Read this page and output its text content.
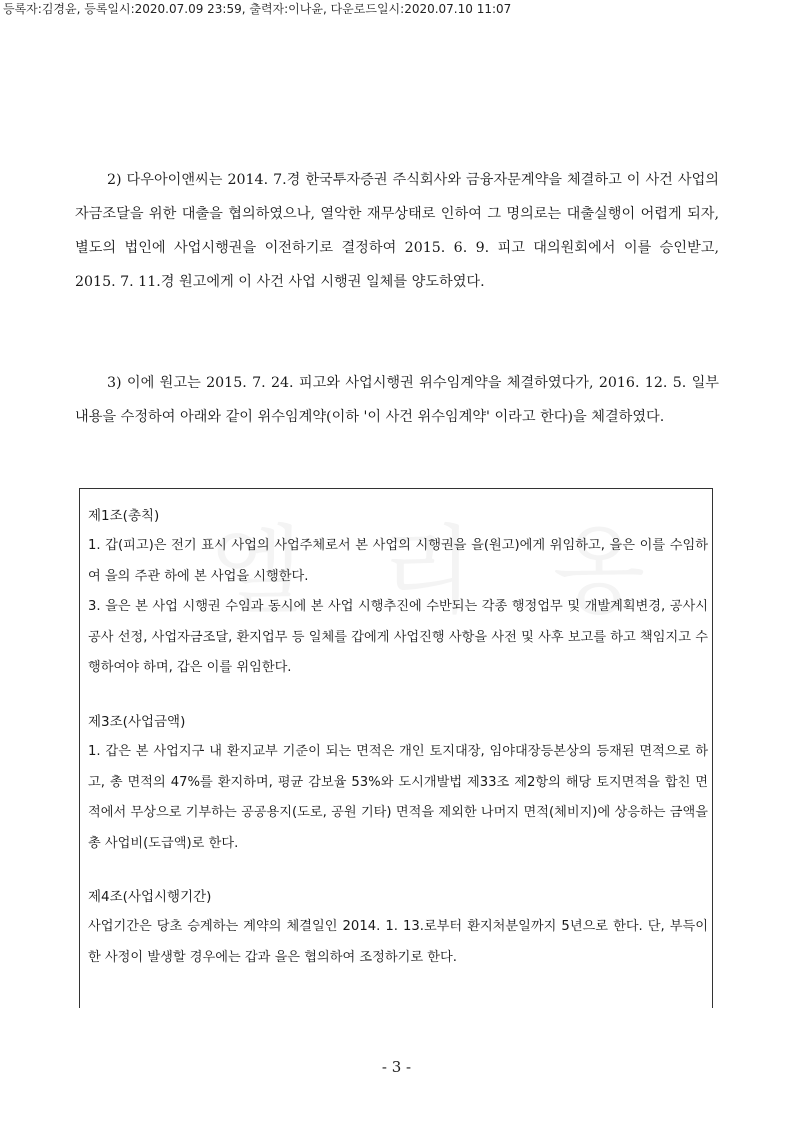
등록자:김경윤, 등록일시:2020.07.09 23:59, 출력자:이나윤, 다운로드일시:2020.07.10 11:07

2) 다우아이앤씨는 2014. 7.경 한국투자증권 주식회사와 금융자문계약을 체결하고 이 사건 사업의 자금조달을 위한 대출을 협의하였으나, 열악한 재무상태로 인하여 그 명의로는 대출실행이 어렵게 되자, 별도의 법인에 사업시행권을 이전하기로 결정하여 2015. 6. 9. 피고 대의원회에서 이를 승인받고, 2015. 7. 11.경 원고에게 이 사건 사업 시행권 일체를 양도하였다.

3) 이에 원고는 2015. 7. 24. 피고와 사업시행권 위수임계약을 체결하였다가, 2016. 12. 5. 일부 내용을 수정하여 아래와 같이 위수임계약(이하 '이 사건 위수임계약' 이라고 한다)을 체결하였다.

제1조(총칙)

1. 갑(피고)은 전기 표시 사업의 사업주체로서 본 사업의 시행권을 을(원고)에게 위임하고, 을은 이를 수임하여 을의 주관 하에 본 사업을 시행한다.

3. 을은 본 사업 시행권 수임과 동시에 본 사업 시행추진에 수반되는 각종 행정업무 및 개발계획변경, 공사시공사 선정, 사업자금조달, 환지업무 등 일체를 갑에게 사업진행 사항을 사전 및 사후 보고를 하고 책임지고 수행하여야 하며, 갑은 이를 위임한다.

제3조(사업금액)

1. 갑은 본 사업지구 내 환지교부 기준이 되는 면적은 개인 토지대장, 임야대장등본상의 등재된 면적으로 하고, 총 면적의 47%를 환지하며, 평균 감보율 53%와 도시개발법 제33조 제2항의 해당 토지면적을 합친 면적에서 무상으로 기부하는 공공용지(도로, 공원 기타) 면적을 제외한 나머지 면적(체비지)에 상응하는 금액을 총 사업비(도급액)로 한다.

제4조(사업시행기간)

사업기간은 당초 승계하는 계약의 체결일인 2014. 1. 13.로부터 환지처분일까지 5년으로 한다. 단, 부득이한 사정이 발생할 경우에는 갑과 을은 협의하여 조정하기로 한다.

- 3 -
